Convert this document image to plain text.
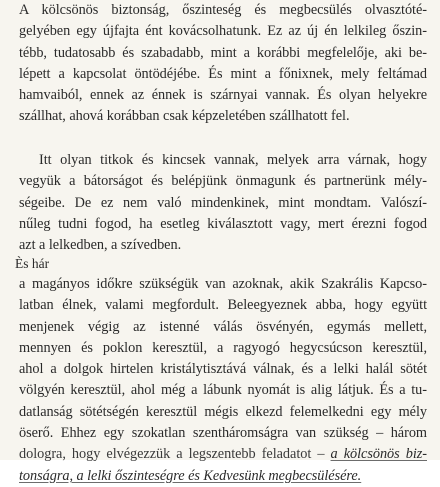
A kölcsönös biztonság, őszinteség és megbecsülés olvasztóté-
gelyében egy újfajta ént kovácsolhatunk. Ez az új én lelkileg őszin-
tébb, tudatosabb és szabadabb, mint a korábbi megfelelője, aki be-
lépett a kapcsolat öntödéjébe. És mint a főnixnek, mely feltámad
hamvaiból, ennek az énnek is szárnyai vannak. És olyan helyekre
szállhat, ahová korábban csak képzeletében szállhatott fel.
Itt olyan titkok és kincsek vannak, melyek arra várnak, hogy
vegyük a bátorságot és belépjünk önmagunk és partnerünk mély-
ségeibe. De ez nem való mindenkinek, mint mondtam. Valószí-
nűleg tudni fogod, ha esetleg kiválasztott vagy, mert érezni fogod
azt a lelkedben, a szívedben.
Ès hár
a magányos időkre szükségük van azoknak, akik Szakrális Kapcso-
latban élnek, valami megfordult. Beleegyeznek abba, hogy együtt
menjenek végig az istenné válás ösvényén, egymás mellett,
mennyen és poklon keresztül, a ragyogó hegycsúcson keresztül,
ahol a dolgok hirtelen kristálytisztává válnak, és a lelki halál sötét
völgyén keresztül, ahol még a lábunk nyomát is alig látjuk. És a tu-
datlanság sötétségén keresztül mégis elkezd felemelkedni egy mély
öserő. Ehhez egy szokatlan szentháromságra van szükség – három
dologra, hogy elvégezzük a legszentebb feladatot – a kölcsönös biz-
tonságra, a lelki őszinteségre és Kedvesünk megbecsülésére.
